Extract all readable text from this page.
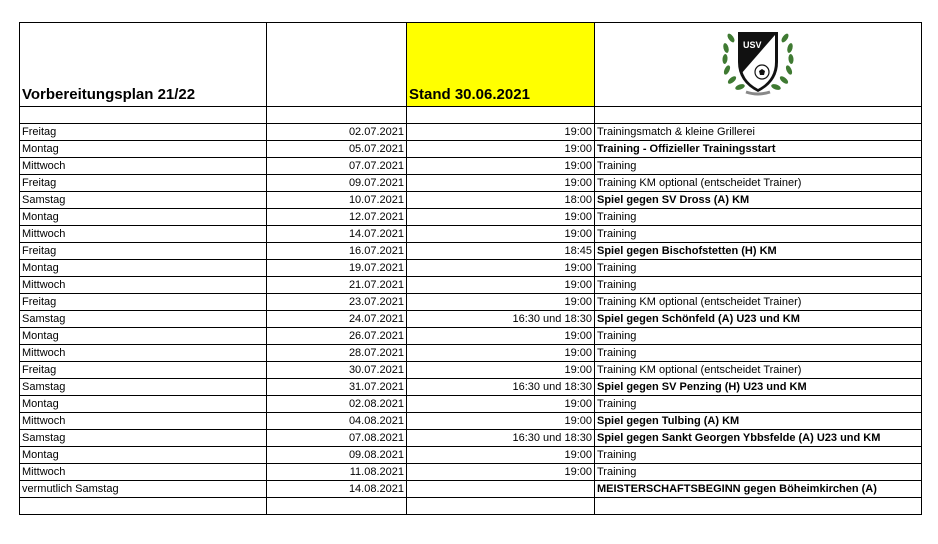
Vorbereitungsplan 21/22		Stand 30.06.2021	USV

Freitag	02.07.2021	19:00	Trainingsmatch & kleine Grillerei
Montag	05.07.2021	19:00	Training - Offizieller Trainingsstart
Mittwoch	07.07.2021	19:00	Training
Freitag	09.07.2021	19:00	Training KM optional (entscheidet Trainer)
Samstag	10.07.2021	18:00	Spiel gegen SV Dross (A) KM
Montag	12.07.2021	19:00	Training
Mittwoch	14.07.2021	19:00	Training
Freitag	16.07.2021	18:45	Spiel gegen Bischofstetten (H) KM
Montag	19.07.2021	19:00	Training
Mittwoch	21.07.2021	19:00	Training
Freitag	23.07.2021	19:00	Training KM optional (entscheidet Trainer)
Samstag	24.07.2021	16:30 und 18:30	Spiel gegen Schönfeld (A) U23 und KM
Montag	26.07.2021	19:00	Training
Mittwoch	28.07.2021	19:00	Training
Freitag	30.07.2021	19:00	Training KM optional (entscheidet Trainer)
Samstag	31.07.2021	16:30 und 18:30	Spiel gegen SV Penzing (H) U23 und KM
Montag	02.08.2021	19:00	Training
Mittwoch	04.08.2021	19:00	Spiel gegen Tulbing (A) KM
Samstag	07.08.2021	16:30 und 18:30	Spiel gegen Sankt Georgen Ybbsfelde (A) U23 und KM
Montag	09.08.2021	19:00	Training
Mittwoch	11.08.2021	19:00	Training
vermutlich Samstag	14.08.2021		MEISTERSCHAFTSBEGINN gegen Böheimkirchen (A)
